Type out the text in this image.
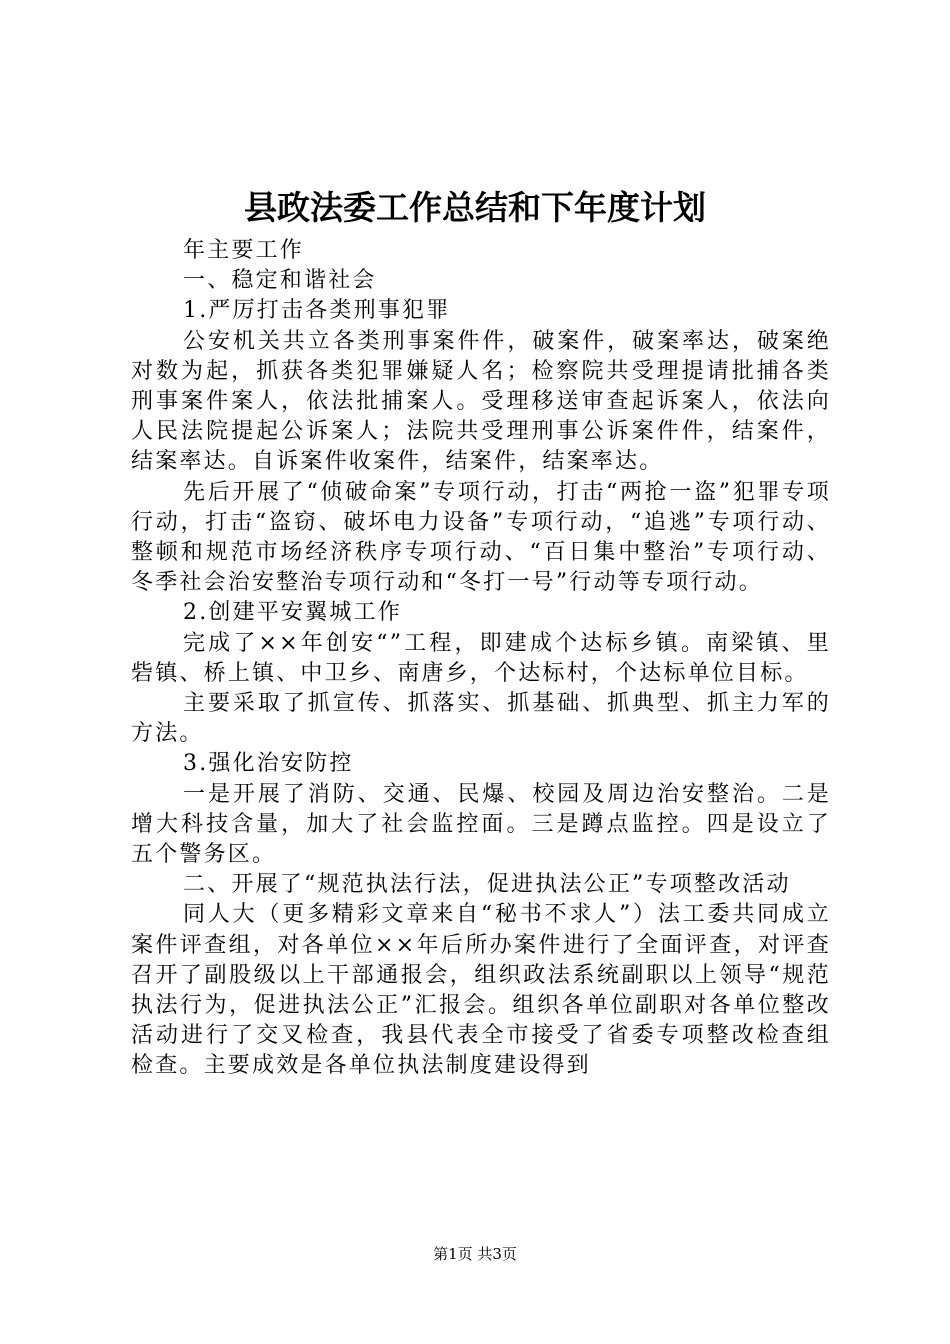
县政法委工作总结和下年度计划

年主要工作

一、稳定和谐社会

1.严厉打击各类刑事犯罪

公安机关共立各类刑事案件件，破案件，破案率达，破案绝对数为起，抓获各类犯罪嫌疑人名；检察院共受理提请批捕各类刑事案件案人，依法批捕案人。受理移送审查起诉案人，依法向人民法院提起公诉案人；法院共受理刑事公诉案件件，结案件，结案率达。自诉案件收案件，结案件，结案率达。

先后开展了“侦破命案”专项行动，打击“两抢一盗”犯罪专项行动，打击“盗窃、破坏电力设备”专项行动，“追逃”专项行动、整顿和规范市场经济秩序专项行动、“百日集中整治”专项行动、冬季社会治安整治专项行动和“冬打一号”行动等专项行动。

2.创建平安翼城工作

完成了××年创安“”工程，即建成个达标乡镇。南梁镇、里砦镇、桥上镇、中卫乡、南唐乡，个达标村，个达标单位目标。

主要采取了抓宣传、抓落实、抓基础、抓典型、抓主力军的方法。

3.强化治安防控

一是开展了消防、交通、民爆、校园及周边治安整治。二是增大科技含量，加大了社会监控面。三是蹲点监控。四是设立了五个警务区。

二、开展了“规范执法行法，促进执法公正”专项整改活动

同人大（更多精彩文章来自“秘书不求人”）法工委共同成立案件评查组，对各单位××年后所办案件进行了全面评查，对评查召开了副股级以上干部通报会，组织政法系统副职以上领导“规范执法行为，促进执法公正”汇报会。组织各单位副职对各单位整改活动进行了交叉检查，我县代表全市接受了省委专项整改检查组检查。主要成效是各单位执法制度建设得到

第1页 共3页
